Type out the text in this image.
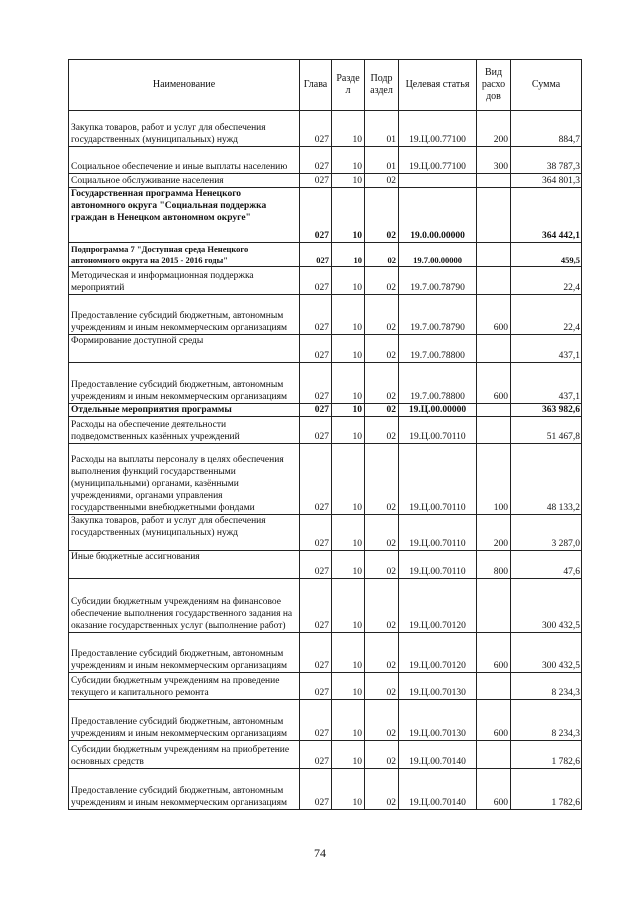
Наименование	Глава	Разде л	Подр аздел	Целевая статья	Вид расхо дов	Сумма
Закупка товаров, работ и услуг для обеспечения государственных (муниципальных) нужд	027	10	01	19.Ц.00.77100	200	884,7
Социальное обеспечение и иные выплаты населению	027	10	01	19.Ц.00.77100	300	38 787,3
Социальное обслуживание населения	027	10	02			364 801,3
Государственная программа Ненецкого автономного округа "Социальная поддержка граждан в Ненецком автономном округе"	027	10	02	19.0.00.00000		364 442,1
Подпрограмма 7 "Доступная среда Ненецкого автономного округа на 2015 - 2016 годы"	027	10	02	19.7.00.00000		459,5
Методическая и информационная поддержка мероприятий	027	10	02	19.7.00.78790		22,4
Предоставление субсидий бюджетным, автономным учреждениям и иным некоммерческим организациям	027	10	02	19.7.00.78790	600	22,4
Формирование доступной среды	027	10	02	19.7.00.78800		437,1
Предоставление субсидий бюджетным, автономным учреждениям и иным некоммерческим организациям	027	10	02	19.7.00.78800	600	437,1
Отдельные мероприятия программы	027	10	02	19.Ц.00.00000		363 982,6
Расходы на обеспечение деятельности подведомственных казённых учреждений	027	10	02	19.Ц.00.70110		51 467,8
Расходы на выплаты персоналу в целях обеспечения выполнения функций государственными (муниципальными) органами, казёнными учреждениями, органами управления государственными внебюджетными фондами	027	10	02	19.Ц.00.70110	100	48 133,2
Закупка товаров, работ и услуг для обеспечения государственных (муниципальных) нужд	027	10	02	19.Ц.00.70110	200	3 287,0
Иные бюджетные ассигнования	027	10	02	19.Ц.00.70110	800	47,6
Субсидии бюджетным учреждениям на финансовое обеспечение выполнения государственного задания на оказание государственных услуг (выполнение работ)	027	10	02	19.Ц.00.70120		300 432,5
Предоставление субсидий бюджетным, автономным учреждениям и иным некоммерческим организациям	027	10	02	19.Ц.00.70120	600	300 432,5
Субсидии бюджетным учреждениям на проведение текущего и капитального ремонта	027	10	02	19.Ц.00.70130		8 234,3
Предоставление субсидий бюджетным, автономным учреждениям и иным некоммерческим организациям	027	10	02	19.Ц.00.70130	600	8 234,3
Субсидии бюджетным учреждениям на приобретение основных средств	027	10	02	19.Ц.00.70140		1 782,6
Предоставление субсидий бюджетным, автономным учреждениям и иным некоммерческим организациям	027	10	02	19.Ц.00.70140	600	1 782,6
74
